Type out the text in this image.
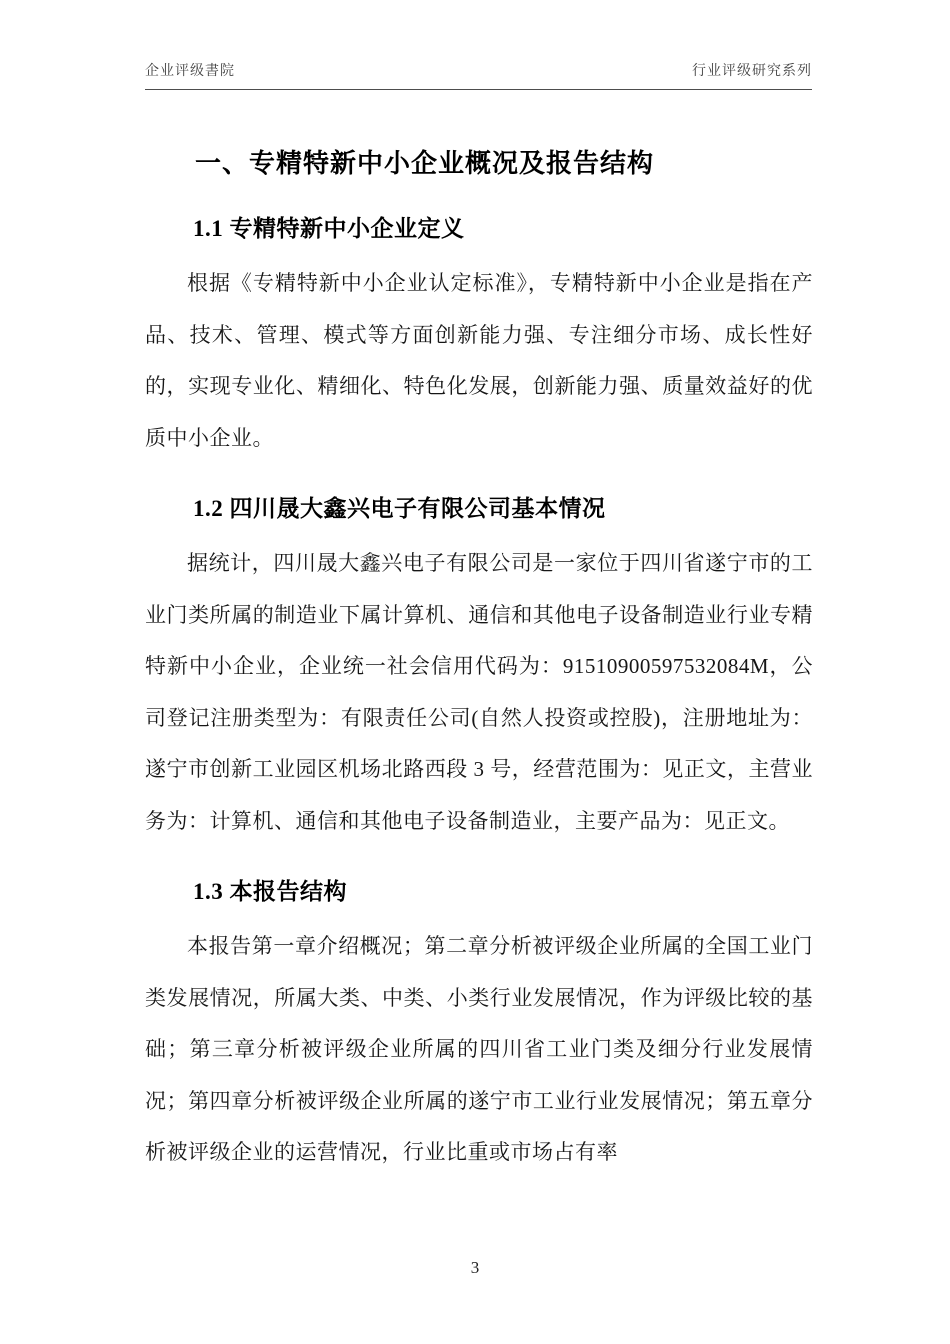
企业评级書院	行业评级研究系列
一、专精特新中小企业概况及报告结构
1.1 专精特新中小企业定义

根据《专精特新中小企业认定标准》，专精特新中小企业是指在产品、技术、管理、模式等方面创新能力强、专注细分市场、成长性好的，实现专业化、精细化、特色化发展，创新能力强、质量效益好的优质中小企业。

1.2 四川晟大鑫兴电子有限公司基本情况

据统计，四川晟大鑫兴电子有限公司是一家位于四川省遂宁市的工业门类所属的制造业下属计算机、通信和其他电子设备制造业行业专精特新中小企业，企业统一社会信用代码为：91510900597532084M，公司登记注册类型为：有限责任公司(自然人投资或控股)，注册地址为：遂宁市创新工业园区机场北路西段 3 号，经营范围为：见正文，主营业务为：计算机、通信和其他电子设备制造业，主要产品为：见正文。

1.3 本报告结构

本报告第一章介绍概况；第二章分析被评级企业所属的全国工业门类发展情况，所属大类、中类、小类行业发展情况，作为评级比较的基础；第三章分析被评级企业所属的四川省工业门类及细分行业发展情况；第四章分析被评级企业所属的遂宁市工业行业发展情况；第五章分析被评级企业的运营情况，行业比重或市场占有率

3
